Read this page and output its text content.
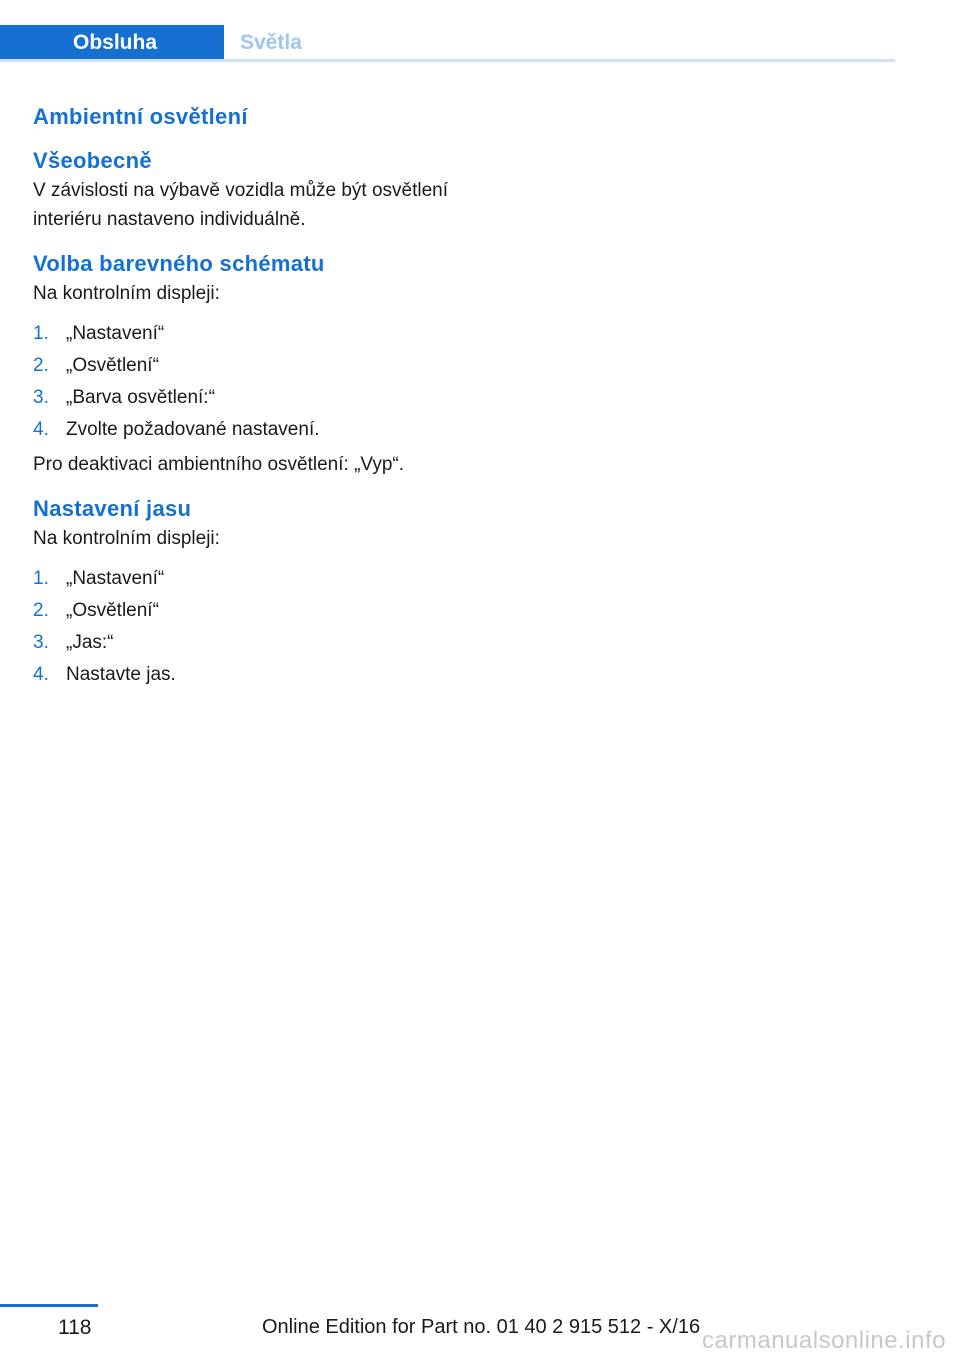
Obsluha	Světla
Ambientní osvětlení
Všeobecně

V závislosti na výbavě vozidla může být osvětlení interiéru nastaveno individuálně.

Volba barevného schématu

Na kontrolním displeji:

1. „Nastavení“
2. „Osvětlení“
3. „Barva osvětlení:“
4. Zvolte požadované nastavení.

Pro deaktivaci ambientního osvětlení: „Vyp“.

Nastavení jasu

Na kontrolním displeji:

1. „Nastavení“
2. „Osvětlení“
3. „Jas:“
4. Nastavte jas.
118	Online Edition for Part no. 01 40 2 915 512 - X/16 carmanualsonline.info
